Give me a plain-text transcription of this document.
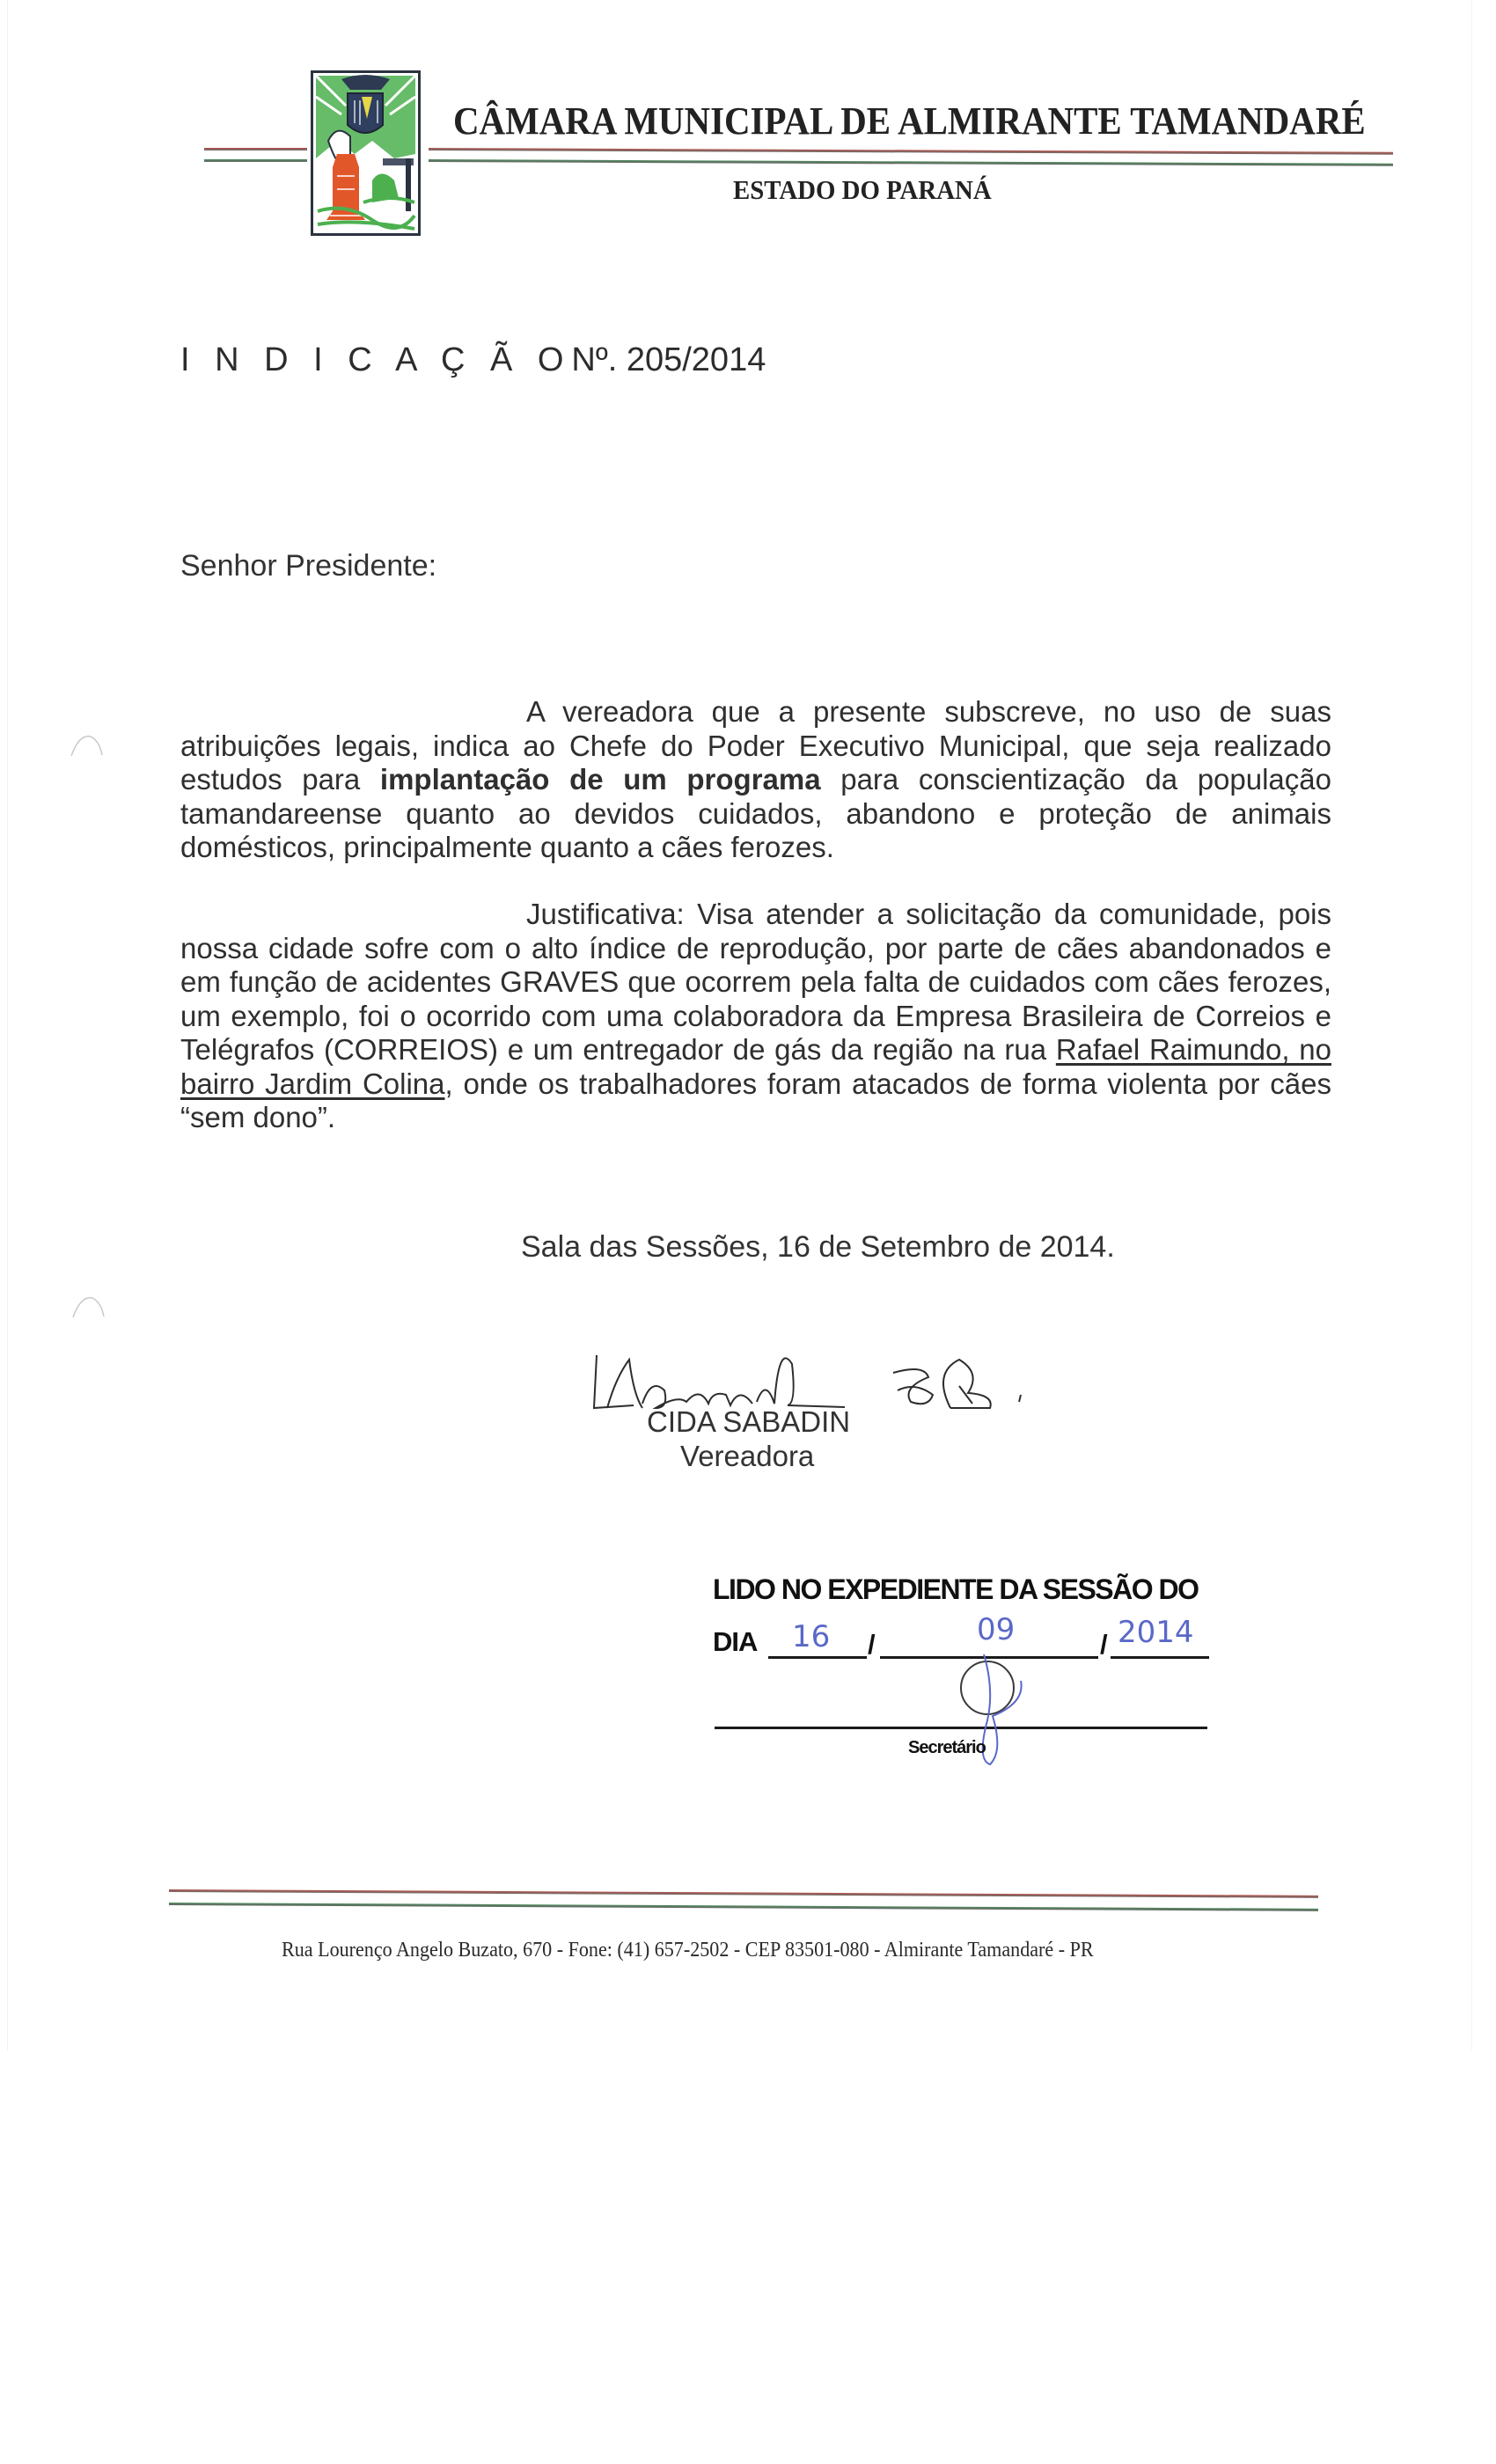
CÂMARA MUNICIPAL DE ALMIRANTE TAMANDARÉ
ESTADO DO PARANÁ
I N D I C A Ç Ã ONº. 205/2014
Senhor Presidente:

A vereadora que a presente subscreve, no uso de suas atribuições legais, indica ao Chefe do Poder Executivo Municipal, que seja realizado estudos para implantação de um programa para conscientização da população tamandareense quanto ao devidos cuidados, abandono e proteção de animais domésticos, principalmente quanto a cães ferozes.

Justificativa: Visa atender a solicitação da comunidade, pois nossa cidade sofre com o alto índice de reprodução, por parte de cães abandonados e em função de acidentes GRAVES que ocorrem pela falta de cuidados com cães ferozes, um exemplo, foi o ocorrido com uma colaboradora da Empresa Brasileira de Correios e Telégrafos (CORREIOS) e um entregador de gás da região na rua Rafael Raimundo, no bairro Jardim Colina, onde os trabalhadores foram atacados de forma violenta por cães “sem dono”.

Sala das Sessões, 16 de Setembro de 2014.
CIDA SABADIN
Vereadora
LIDO NO EXPEDIENTE DA SESSÃO DO
DIA	/	/
16	09	2014
Secretário
Rua Lourenço Angelo Buzato, 670 - Fone: (41) 657-2502 - CEP 83501-080 - Almirante Tamandaré - PR
